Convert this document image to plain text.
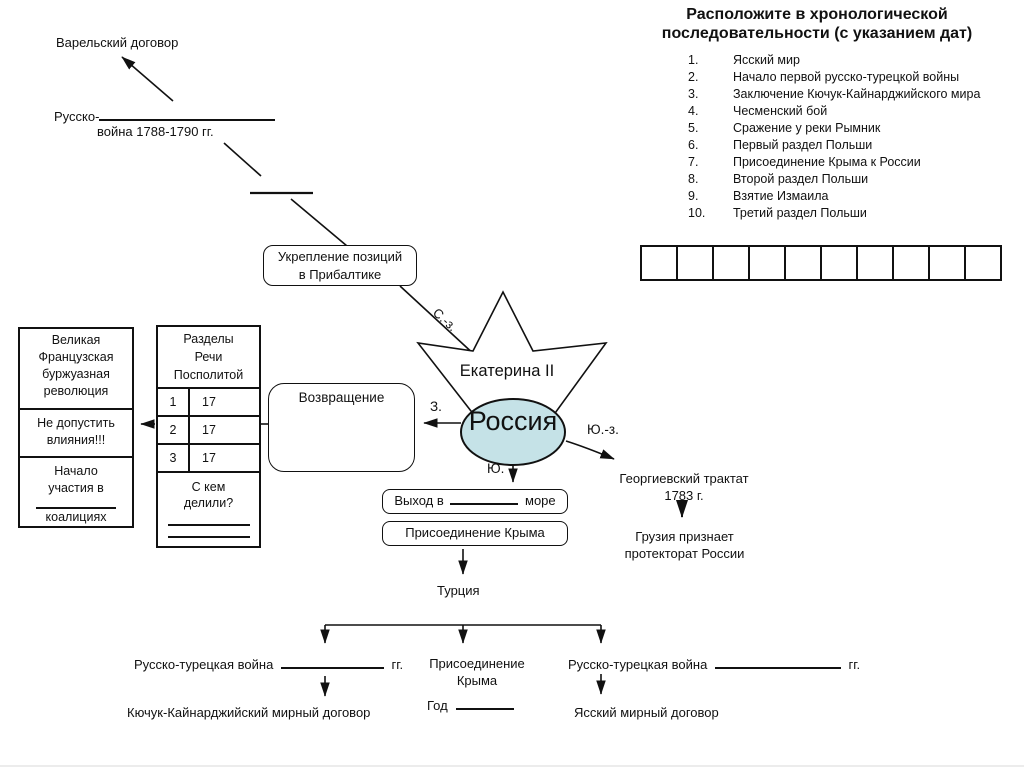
Варельский договор
Русско-
война 1788-1790 гг.
Укрепление позиций
в Прибалтике
Расположите в хронологической
последовательности (с указанием дат)
1.	Ясский мир
2.	Начало первой русско-турецкой войны
3.	Заключение Кючук-Кайнарджийского мира
4.	Чесменский бой
5.	Сражение у реки Рымник
6.	Первый раздел Польши
7.	Присоединение Крыма к России
8.	Второй раздел Польши
9.	Взятие Измаила
10.	Третий раздел Польши
Великая
Французская
буржуазная
революция
Не допустить
влияния!!!
Начало
участия в
коалициях
Разделы
Речи
Посполитой
1	17
2	17
3	17
С кем
делили?
Возвращение
Екатерина II
Россия
С.-з.
З.
Ю.
Ю.-з.
Выход в	море
Присоединение Крыма
Турция
Русско-турецкая война	гг.
Кючук-Кайнарджийский мирный договор
Присоединение
Крыма
Год
Русско-турецкая война	гг.
Ясский мирный договор
Георгиевский трактат
1783 г.
Грузия признает
протекторат России
